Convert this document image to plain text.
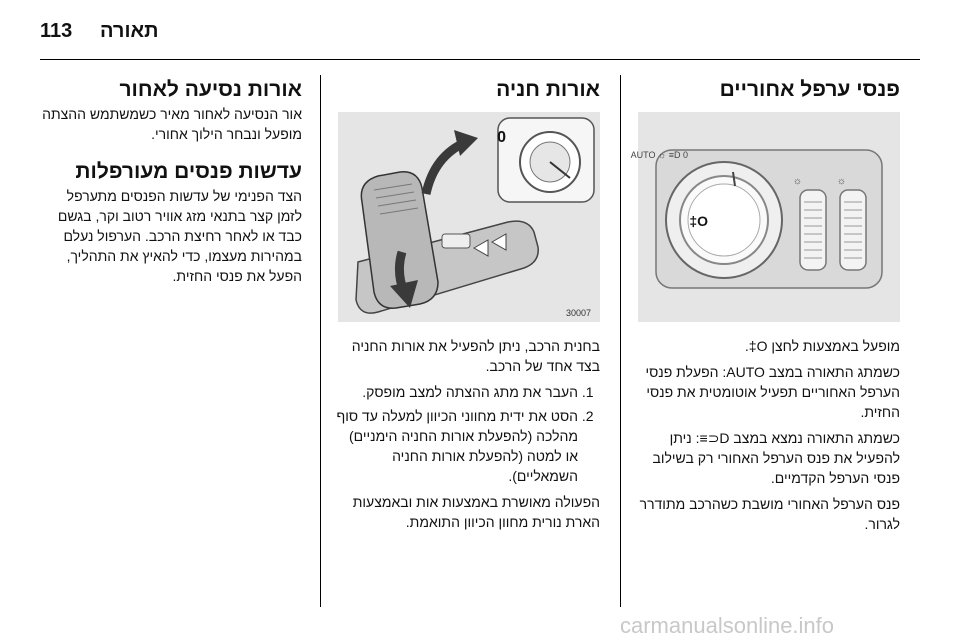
113 תאורה
פנסי ערפל אחוריים
0 AUTO ☼ ≡D
O‡
☼	☼

מופעל באמצעות לחצן ‎O‡.

כשמתג התאורה במצב AUTO: הפעלת פנסי הערפל האחוריים תפעיל אוטומטית את פנסי החזית.

כשמתג התאורה נמצא במצב ‎⊃D≡: ניתן להפעיל את פנס הערפל האחורי רק בשילוב פנסי הערפל הקדמיים.

פנס הערפל האחורי מושבת כשהרכב מתודרר לגרור.

אורות חניה
0
30007

בחנית הרכב, ניתן להפעיל את אורות החניה בצד אחד של הרכב.

1. העבר את מתג ההצתה למצב מופסק.
2. הסט את ידית מחווני הכיוון למעלה עד סוף מהלכה (להפעלת אורות החניה הימניים) או למטה (להפעלת אורות החניה השמאליים).

הפעולה מאושרת באמצעות אות ובאמצעות הארת נורית מחוון הכיוון התואמת.

אורות נסיעה לאחור

אור הנסיעה לאחור מאיר כשמשתמש ההצתה מופעל ונבחר הילוך אחורי.

עדשות פנסים מעורפלות

הצד הפנימי של עדשות הפנסים מתערפל לזמן קצר בתנאי מזג אוויר רטוב וקר, בגשם כבד או לאחר רחיצת הרכב. הערפול נעלם במהירות מעצמו, כדי להאיץ את התהליך, הפעל את פנסי החזית.

carmanualsonline.info
